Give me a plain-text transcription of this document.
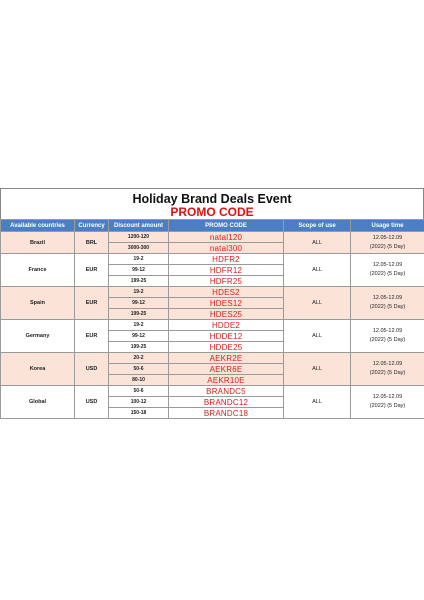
Holiday Brand Deals Event
PROMO CODE
Available countries	Currency	Discount amount	PROMO CODE	Scope of use	Usage time
Brazil	BRL	1200-120	natal120	ALL	12.05-12.09
(2022) (5 Day)

		3000-300	natal300		
France	EUR	19-2	HDFR2	ALL	12.05-12.09
(2022) (5 Day)

		99-12	HDFR12		
		199-25	HDFR25		
Spain	EUR	19-2	HDES2	ALL	12.05-12.09
(2022) (5 Day)

		99-12	HDES12		
		199-25	HDES25		
Germany	EUR	19-2	HDDE2	ALL	12.05-12.09
(2022) (5 Day)

		99-12	HDDE12		
		199-25	HDDE25		
Korea	USD	20-2	AEKR2E	ALL	12.05-12.09
(2022) (5 Day)

		50-6	AEKR6E		
		80-10	AEKR10E		
Global	USD	50-6	BRANDC5	ALL	12.05-12.09
(2022) (5 Day)

		100-12	BRANDC12		
		150-18	BRANDC18		
